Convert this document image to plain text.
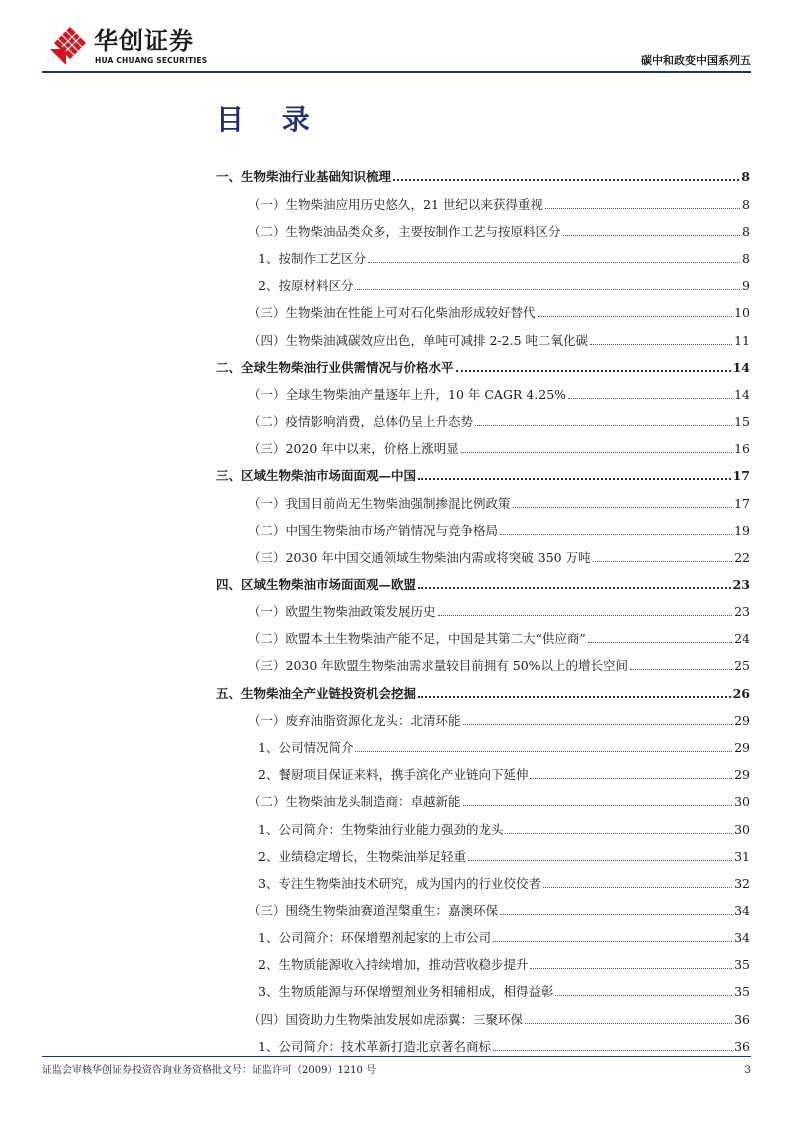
华创证券
HUA CHUANG SECURITIES	碳中和政变中国系列五
目 录
一、生物柴油行业基础知识梳理	8
（一）生物柴油应用历史悠久，21 世纪以来获得重视	8
（二）生物柴油品类众多，主要按制作工艺与按原料区分	8
1、按制作工艺区分	8
2、按原材料区分	9
（三）生物柴油在性能上可对石化柴油形成较好替代	10
（四）生物柴油减碳效应出色，单吨可减排 2-2.5 吨二氧化碳	11
二、全球生物柴油行业供需情况与价格水平	14
（一）全球生物柴油产量逐年上升，10 年 CAGR 4.25%	14
（二）疫情影响消费，总体仍呈上升态势	15
（三）2020 年中以来，价格上涨明显	16
三、区域生物柴油市场面面观—中国	17
（一）我国目前尚无生物柴油强制掺混比例政策	17
（二）中国生物柴油市场产销情况与竞争格局	19
（三）2030 年中国交通领域生物柴油内需或将突破 350 万吨	22
四、区域生物柴油市场面面观—欧盟	23
（一）欧盟生物柴油政策发展历史	23
（二）欧盟本土生物柴油产能不足，中国是其第二大“供应商”	24
（三）2030 年欧盟生物柴油需求量较目前拥有 50%以上的增长空间	25
五、生物柴油全产业链投资机会挖掘	26
（一）废弃油脂资源化龙头：北清环能	29
1、公司情况简介	29
2、餐厨项目保证来料，携手滨化产业链向下延伸	29
（二）生物柴油龙头制造商：卓越新能	30
1、公司简介：生物柴油行业能力强劲的龙头	30
2、业绩稳定增长，生物柴油举足轻重	31
3、专注生物柴油技术研究，成为国内的行业佼佼者	32
（三）围绕生物柴油赛道涅槃重生：嘉澳环保	34
1、公司简介：环保增塑剂起家的上市公司	34
2、生物质能源收入持续增加，推动营收稳步提升	35
3、生物质能源与环保增塑剂业务相辅相成，相得益彰	35
（四）国资助力生物柴油发展如虎添翼：三聚环保	36
1、公司简介：技术革新打造北京著名商标	36
证监会审核华创证券投资咨询业务资格批文号：证监许可（2009）1210 号	3
